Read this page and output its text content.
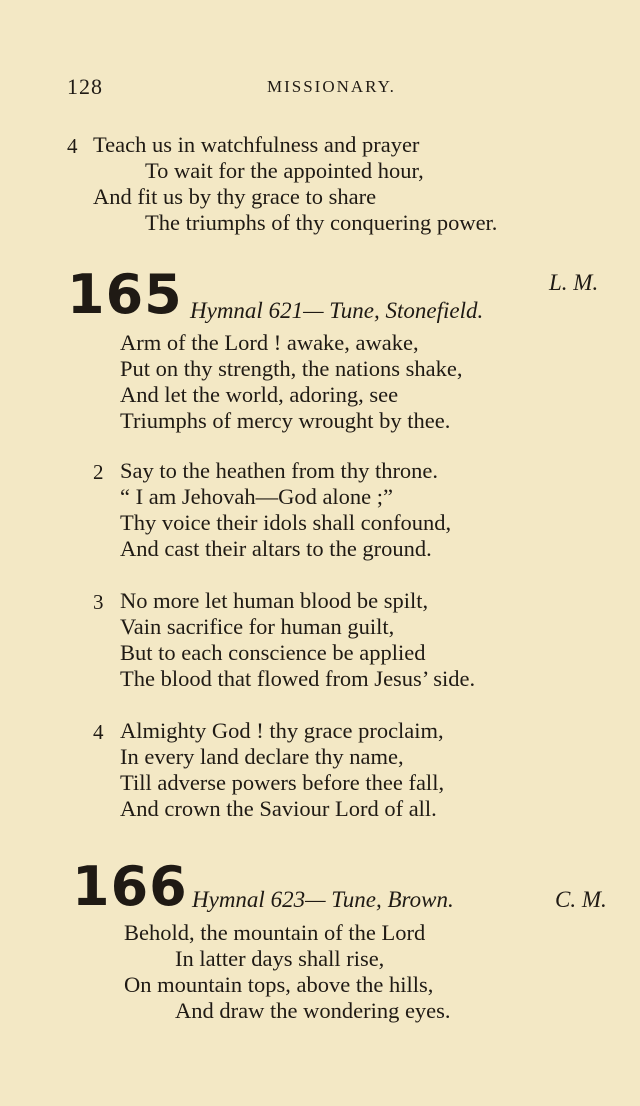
128	MISSIONARY.
4 Teach us in watchfulness and prayer
To wait for the appointed hour,
And fit us by thy grace to share
The triumphs of thy conquering power.
165	L. M.
Hymnal 621— Tune, Stonefield.
Arm of the Lord ! awake, awake,
Put on thy strength, the nations shake,
And let the world, adoring, see
Triumphs of mercy wrought by thee.
2 Say to the heathen from thy throne.
“ I am Jehovah—God alone ;”
Thy voice their idols shall confound,
And cast their altars to the ground.
3 No more let human blood be spilt,
Vain sacrifice for human guilt,
But to each conscience be applied
The blood that flowed from Jesus’ side.
4 Almighty God ! thy grace proclaim,
In every land declare thy name,
Till adverse powers before thee fall,
And crown the Saviour Lord of all.
166 Hymnal 623— Tune, Brown.	C. M.
Behold, the mountain of the Lord
In latter days shall rise,
On mountain tops, above the hills,
And draw the wondering eyes.
